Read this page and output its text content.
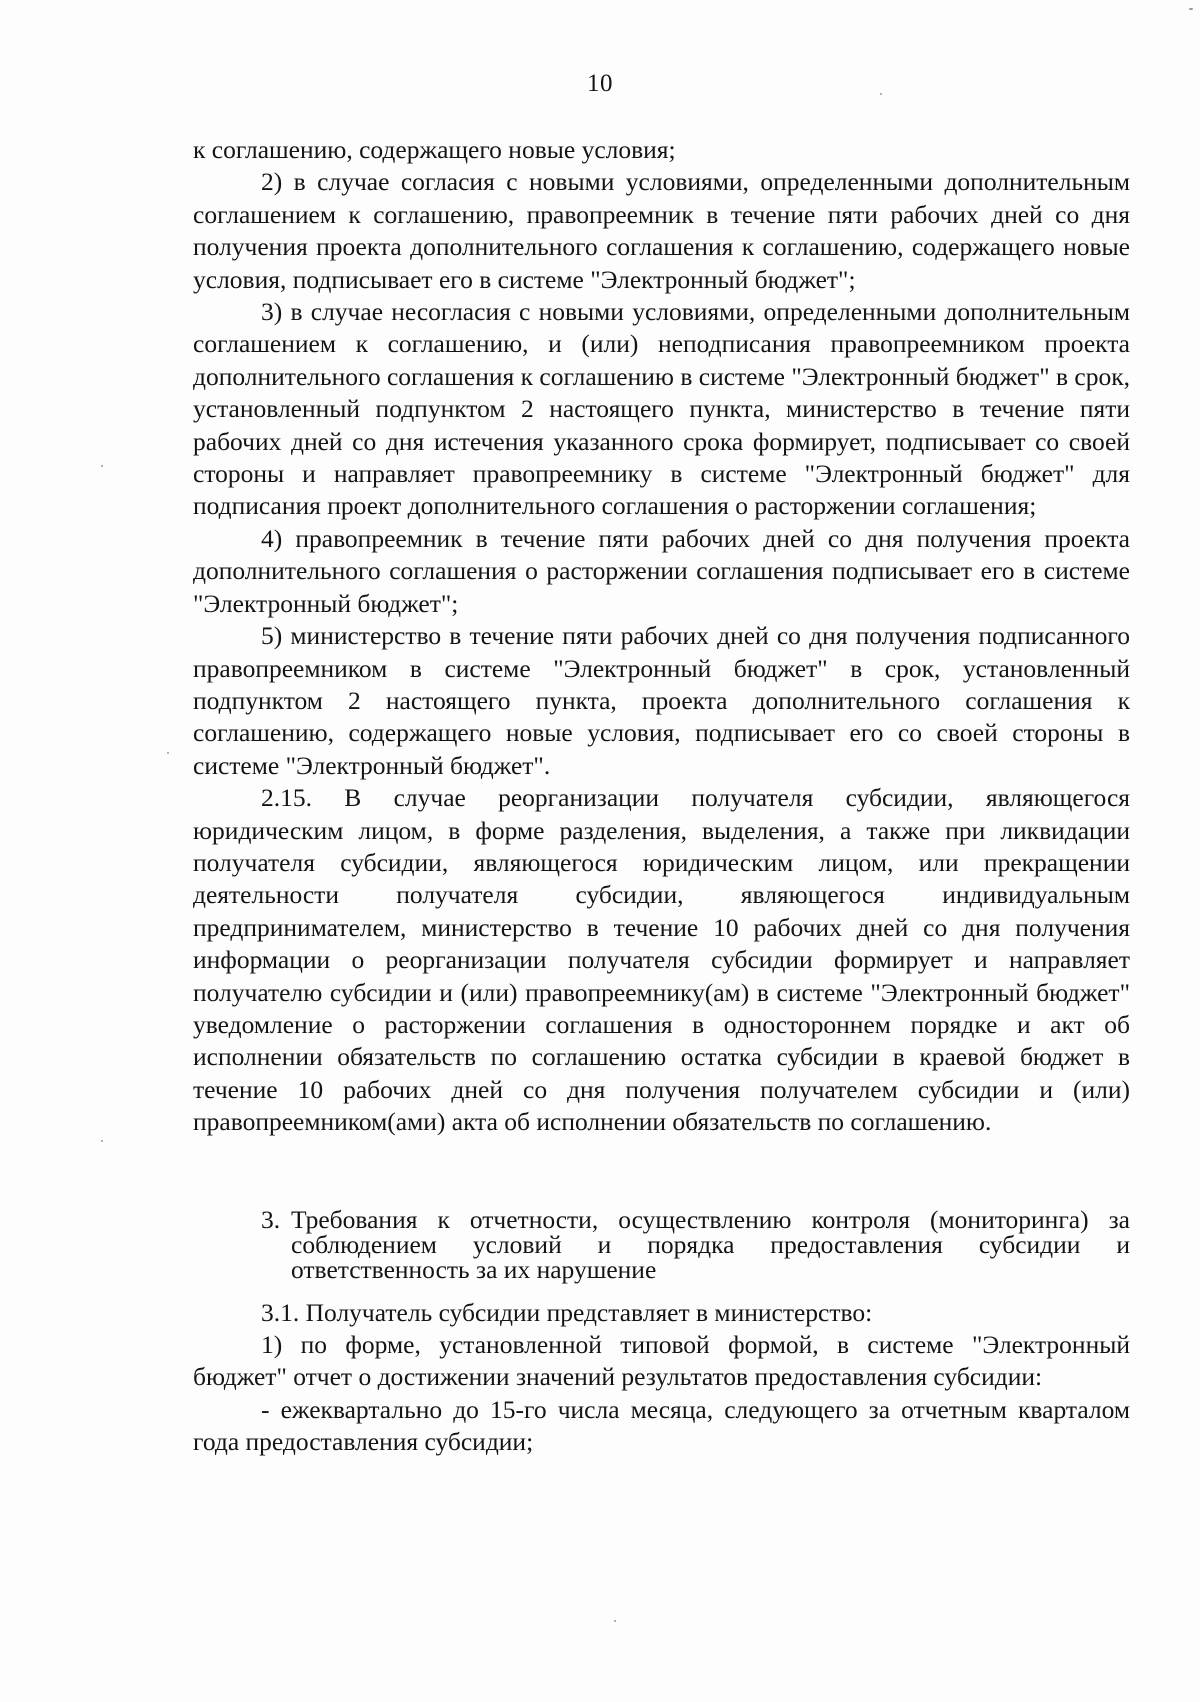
10

к соглашению, содержащего новые условия;

2) в случае согласия с новыми условиями, определенными дополнительным соглашением к соглашению, правопреемник в течение пяти рабочих дней со дня получения проекта дополнительного соглашения к соглашению, содержащего новые условия, подписывает его в системе "Электронный бюджет";

3) в случае несогласия с новыми условиями, определенными дополнительным соглашением к соглашению, и (или) неподписания правопреемником проекта дополнительного соглашения к соглашению в системе "Электронный бюджет" в срок, установленный подпунктом 2 настоящего пункта, министерство в течение пяти рабочих дней со дня истечения указанного срока формирует, подписывает со своей стороны и направляет правопреемнику в системе "Электронный бюджет" для подписания проект дополнительного соглашения о расторжении соглашения;

4) правопреемник в течение пяти рабочих дней со дня получения проекта дополнительного соглашения о расторжении соглашения подписывает его в системе "Электронный бюджет";

5) министерство в течение пяти рабочих дней со дня получения подписанного правопреемником в системе "Электронный бюджет" в срок, установленный подпунктом 2 настоящего пункта, проекта дополнительного соглашения к соглашению, содержащего новые условия, подписывает его со своей стороны в системе "Электронный бюджет".

2.15. В случае реорганизации получателя субсидии, являющегося юридическим лицом, в форме разделения, выделения, а также при ликвидации получателя субсидии, являющегося юридическим лицом, или прекращении деятельности получателя субсидии, являющегося индивидуальным предпринимателем, министерство в течение 10 рабочих дней со дня получения информации о реорганизации получателя субсидии формирует и направляет получателю субсидии и (или) правопреемнику(ам) в системе "Электронный бюджет" уведомление о расторжении соглашения в одностороннем порядке и акт об исполнении обязательств по соглашению остатка субсидии в краевой бюджет в течение 10 рабочих дней со дня получения получателем субсидии и (или) правопреемником(ами) акта об исполнении обязательств по соглашению.

3. Требования к отчетности, осуществлению контроля (мониторинга) за соблюдением условий и порядка предоставления субсидии и ответственность за их нарушение

3.1. Получатель субсидии представляет в министерство:

1) по форме, установленной типовой формой, в системе "Электронный бюджет" отчет о достижении значений результатов предоставления субсидии:

- ежеквартально до 15-го числа месяца, следующего за отчетным кварталом года предоставления субсидии;
